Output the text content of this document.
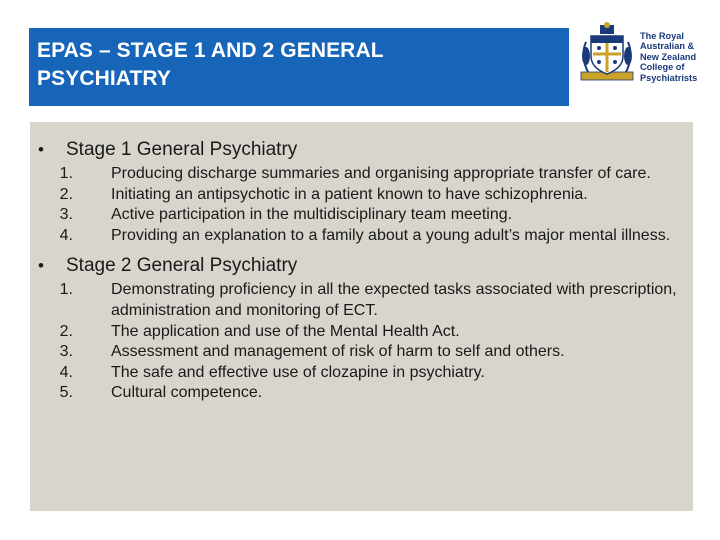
EPAS – STAGE 1 AND 2 GENERAL
PSYCHIATRY
The Royal
Australian &
New Zealand
College of
Psychiatrists
•	Stage 1 General Psychiatry
1.	Producing discharge summaries and organising appropriate transfer of care.
2.	Initiating an antipsychotic in a patient known to have schizophrenia.
3.	Active participation in the multidisciplinary team meeting.
4.	Providing an explanation to a family about a young adult’s major mental illness.
•	Stage 2 General Psychiatry
1.	Demonstrating proficiency in all the expected tasks associated with prescription, administration and monitoring of ECT.
2.	The application and use of the Mental Health Act.
3.	Assessment and management of risk of harm to self and others.
4.	The safe and effective use of clozapine in psychiatry.
5.	Cultural competence.
